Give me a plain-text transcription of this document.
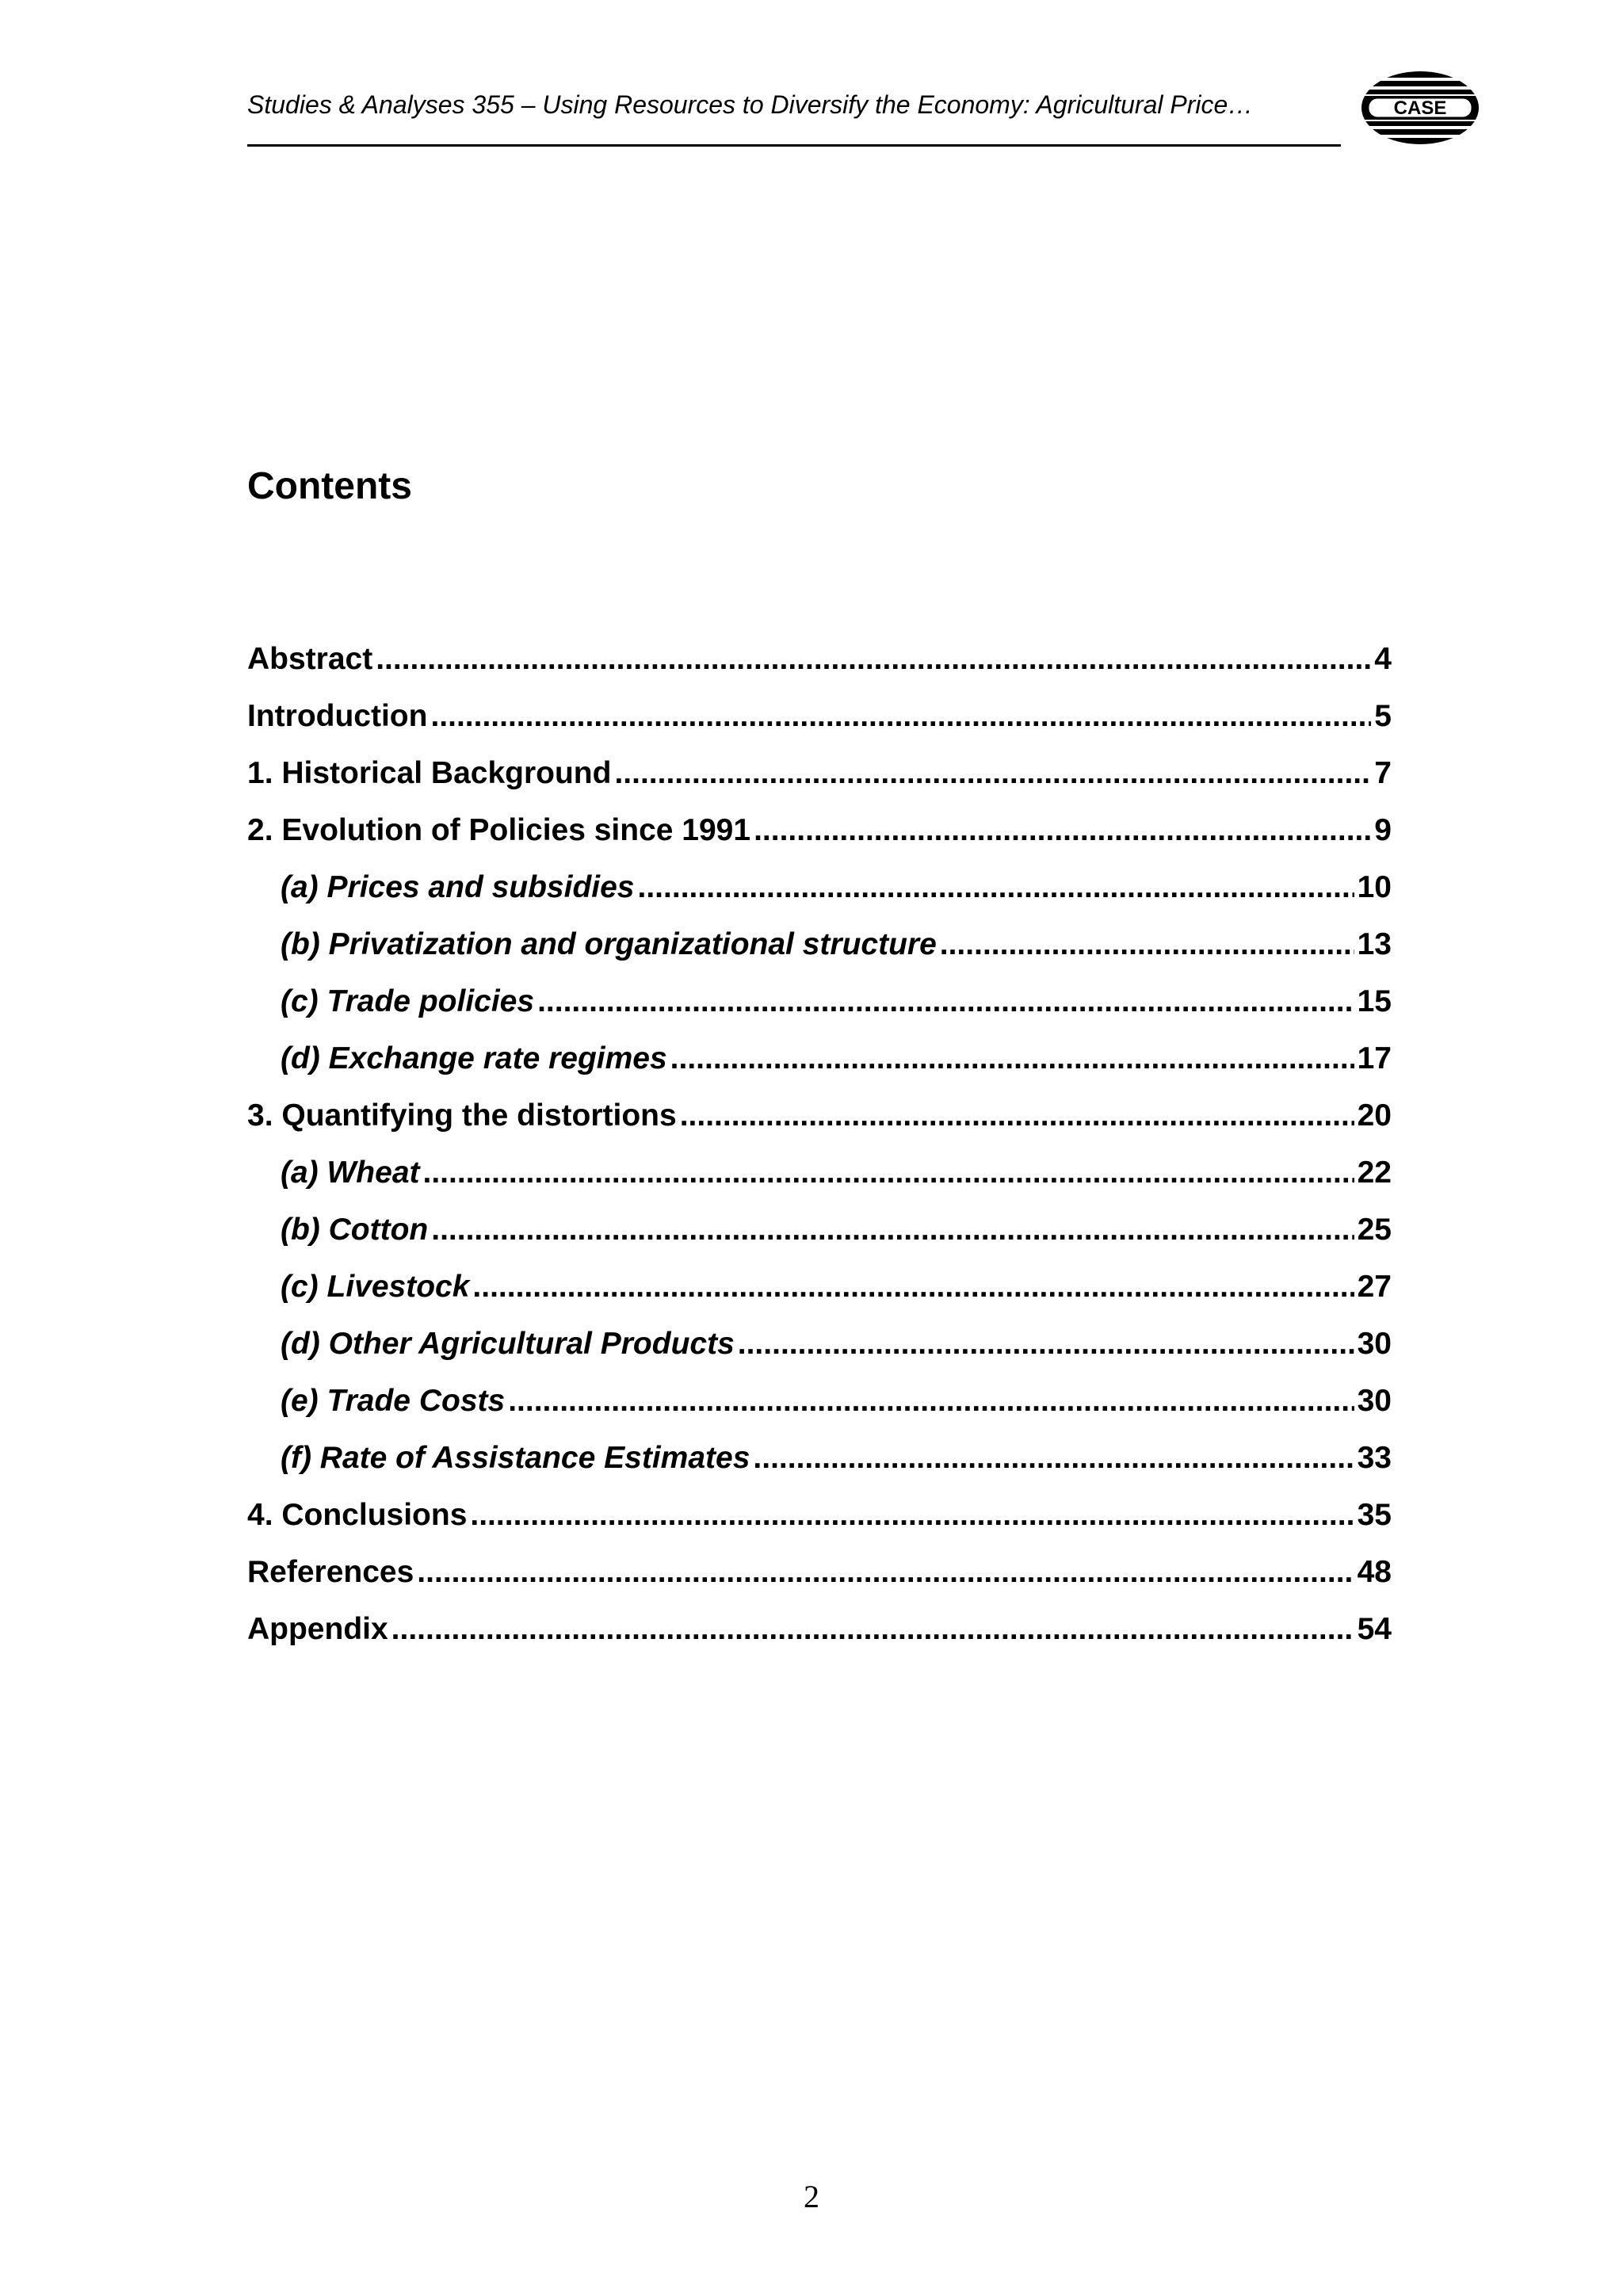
Studies & Analyses 355 – Using Resources to Diversify the Economy: Agricultural Price…	CASE
Contents
Abstract .....	4
Introduction .....	5
1. Historical Background .....	7
2. Evolution of Policies since 1991 .....	9
(a) Prices and subsidies .....	10
(b) Privatization and organizational structure .....	13
(c) Trade policies .....	15
(d) Exchange rate regimes .....	17
3. Quantifying the distortions .....	20
(a) Wheat .....	22
(b) Cotton .....	25
(c) Livestock .....	27
(d) Other Agricultural Products .....	30
(e) Trade Costs .....	30
(f) Rate of Assistance Estimates .....	33
4. Conclusions .....	35
References .....	48
Appendix .....	54
2
